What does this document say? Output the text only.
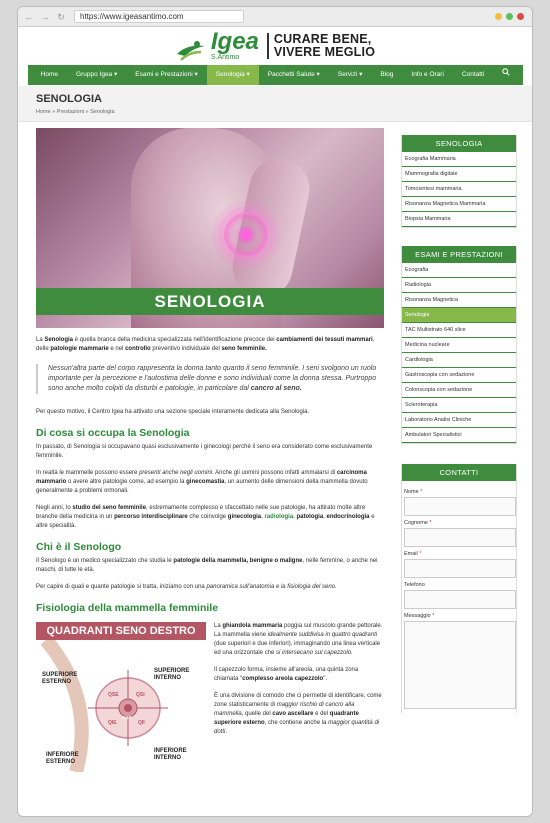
← → ↻	https://www.igeasantimo.com
Igea
S.Antimo
CURARE BENE,
VIVERE MEGLIO
Home	Gruppo Igea ▾	Esami e Prestazioni ▾	Senologia ▾	Pacchetti Salute ▾	Servizi ▾	Blog	Info e Orari	Contatti
SENOLOGIA
Home » Prestazioni » Senologia
SENOLOGIA

La Senologia è quella branca della medicina specializzata nell'identificazione precoce dei cambiamenti dei tessuti mammari, delle patologie mammarie e nel controllo preventivo individuale del seno femminile.

Nessun'altra parte del corpo rappresenta la donna tanto quanto il seno femminile. I seni svolgono un ruolo importante per la percezione e l'autostima delle donne e sono individuali come la donna stessa. Purtroppo sono anche molto colpiti da disturbi e patologie, in particolare dal cancro al seno.

Per questo motivo, il Centro Igea ha attivato una sezione speciale interamente dedicata alla Senologia.

Di cosa si occupa la Senologia

In passato, di Senologia si occupavano quasi esclusivamente i ginecologi perché il seno era considerato come esclusivamente femminile.

In realtà le mammelle possono essere presenti anche negli uomini. Anche gli uomini possono infatti ammalarsi di carcinoma mammario o avere altre patologie come, ad esempio la ginecomastia, un aumento delle dimensioni della mammella dovuto generalmente a problemi ormonali.

Negli anni, lo studio del seno femminile, estremamente complesso e sfaccettato nelle sue patologie, ha attirato molte altre branche della medicina in un percorso interdisciplinare che coinvolge ginecologia, radiologia, patologia, endocrinologia e altre specialità.

Chi è il Senologo

Il Senologo è un medico specializzato che studia le patologie della mammella, benigne o maligne, nelle femmine, o anche nei maschi, di tutte le età.

Per capire di quali e quante patologie si tratta, iniziamo con una panoramica sull'anatomia e la fisiologia del seno.

Fisiologia della mammella femminile
QUADRANTI SENO DESTRO
SUPERIORE
ESTERNO
SUPERIORE
INTERNO
INFERIORE
INTERNO
INFERIORE
ESTERNO
QSE	QSI
QIE	QII
CAP

La ghiandola mammaria poggia sul muscolo grande pettorale. La mammella viene idealmente suddivisa in quattro quadranti (due superiori e due inferiori), immaginando una linea verticale ed una orizzontale che si intersecano sul capezzolo.

Il capezzolo forma, insieme all'areola, una quinta zona chiamata "complesso areola capezzolo".

È una divisione di comodo che ci permette di identificare, come zone statisticamente di maggior rischio di cancro alla mammella, quelle del cavo ascellare e del quadrante superiore esterno, che contiene anche la maggior quantità di dotti.

SENOLOGIA
Ecografia Mammaria
Mammografia digitale
Tomosintesi mammaria
Risonanza Magnetica Mammaria
Biopsia Mammaria
ESAMI E PRESTAZIONI
Ecografia
Radiologia
Risonanza Magnetica
Senologia
TAC Multistrato 640 slice
Medicina nucleare
Cardiologia
Gastroscopia con sedazione
Colonscopia con sedazione
Scleroterapia
Laboratorio Analisi Cliniche
Ambulatori Specialistici
CONTATTI
Nome *
Cognome *
Email *
Telefono
Messaggio *
